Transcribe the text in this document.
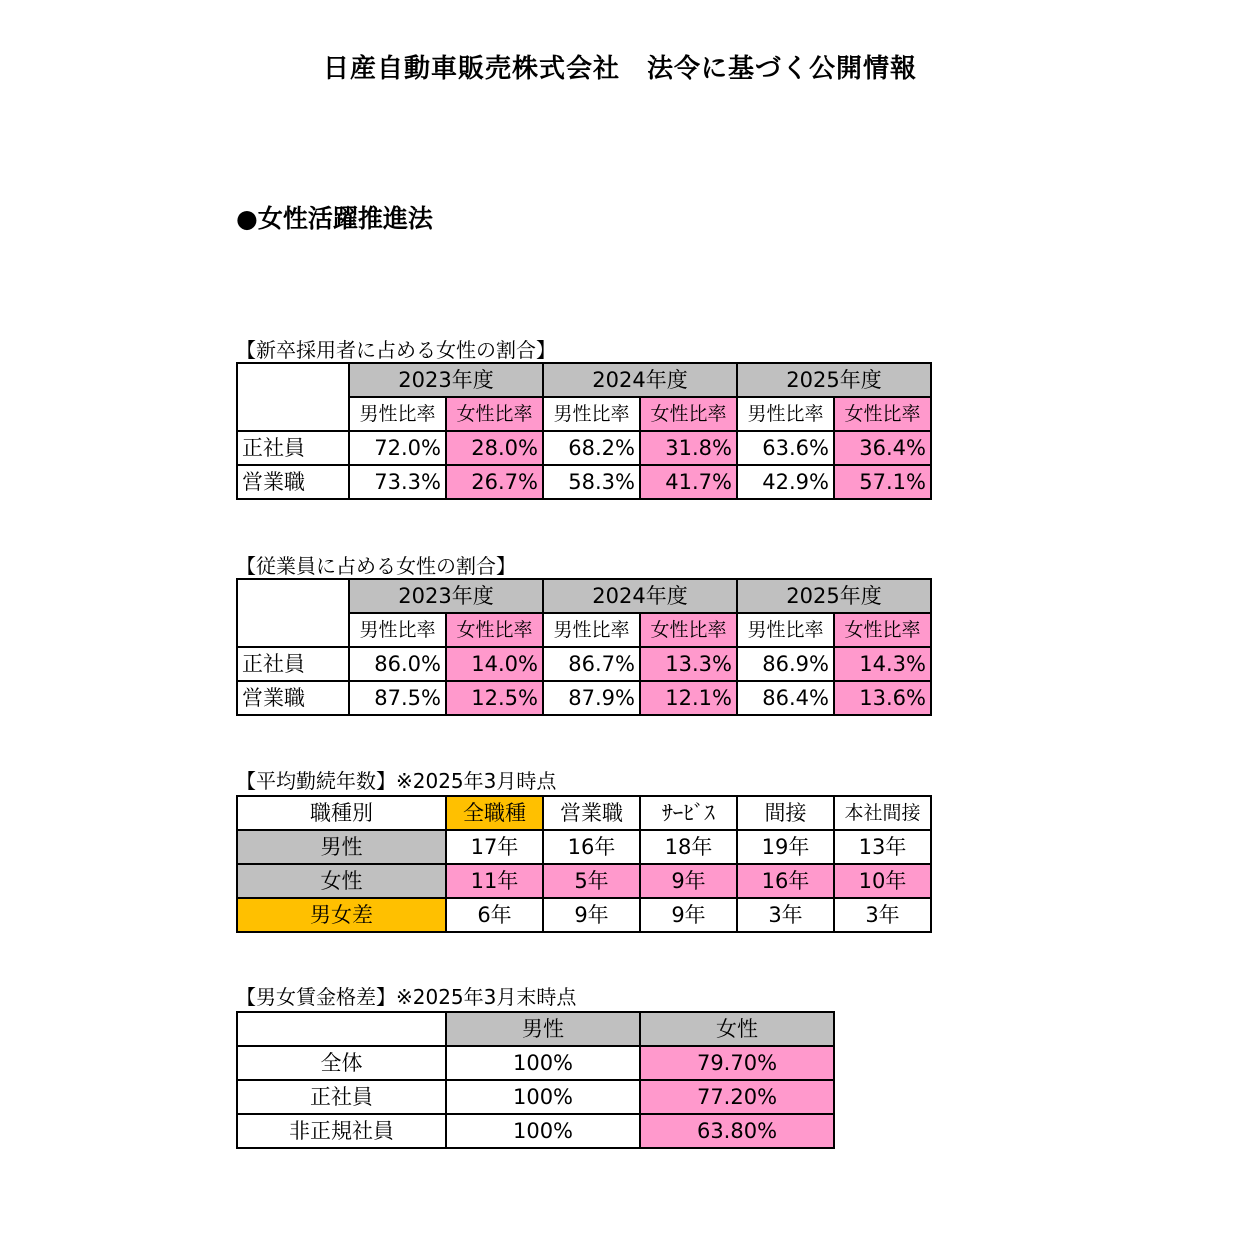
日産自動車販売株式会社　法令に基づく公開情報
●女性活躍推進法
【新卒採用者に占める女性の割合】
	2023年度		2024年度		2025年度	
	男性比率	女性比率	男性比率	女性比率	男性比率	女性比率
正社員	72.0%	28.0%	68.2%	31.8%	63.6%	36.4%
営業職	73.3%	26.7%	58.3%	41.7%	42.9%	57.1%
【従業員に占める女性の割合】
	2023年度		2024年度		2025年度	
	男性比率	女性比率	男性比率	女性比率	男性比率	女性比率
正社員	86.0%	14.0%	86.7%	13.3%	86.9%	14.3%
営業職	87.5%	12.5%	87.9%	12.1%	86.4%	13.6%
【平均勤続年数】※2025年3月時点
職種別	全職種	営業職	ｻｰﾋﾞｽ	間接	本社間接
男性	17年	16年	18年	19年	13年
女性	11年	5年	9年	16年	10年
男女差	6年	9年	9年	3年	3年
【男女賃金格差】※2025年3月末時点
	男性	女性
全体	100%	79.70%
正社員	100%	77.20%
非正規社員	100%	63.80%
